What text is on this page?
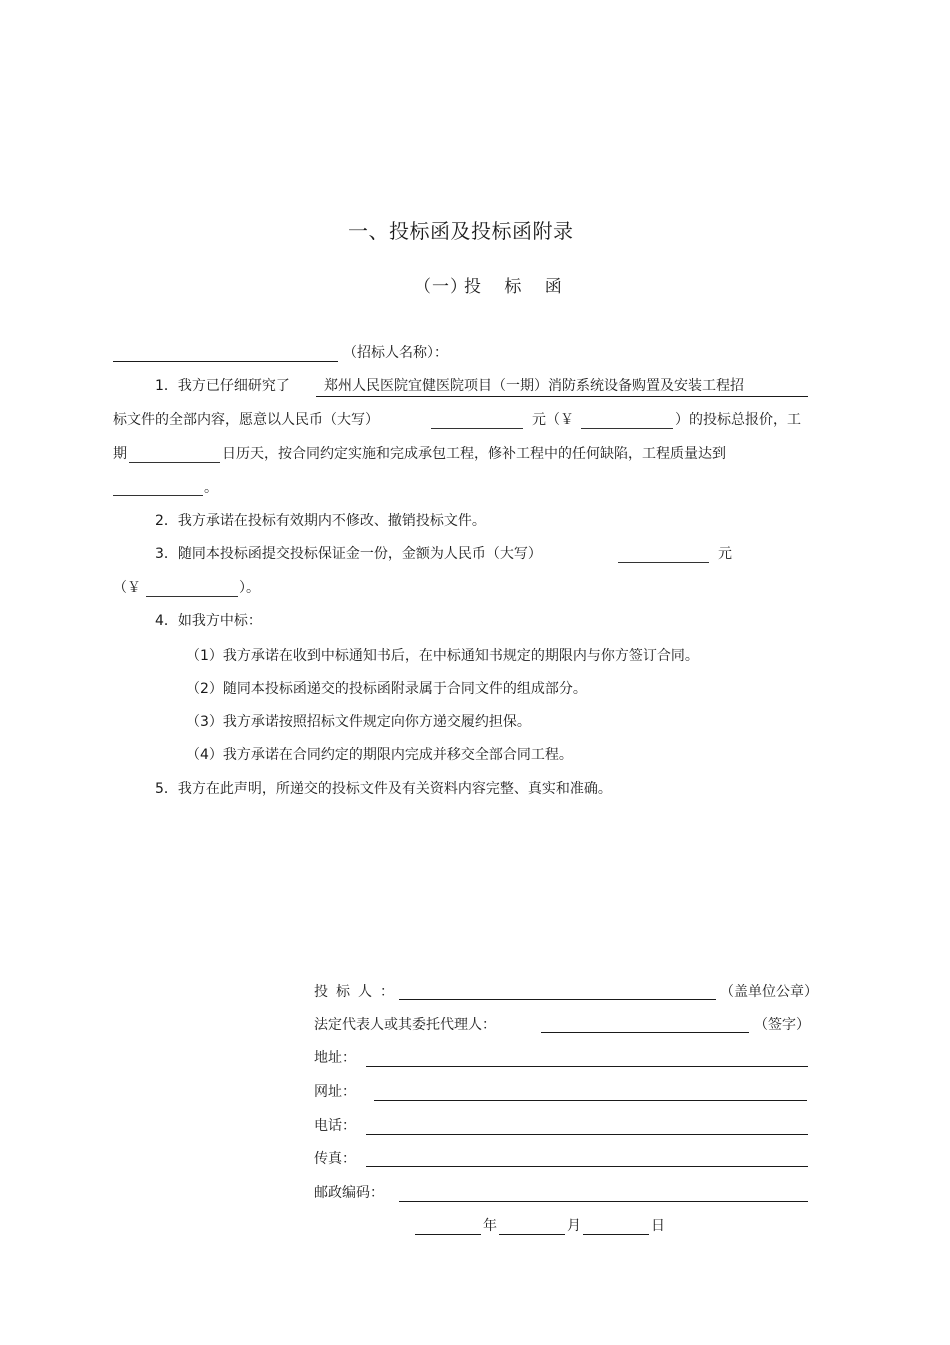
一、投标函及投标函附录
（一）
投 标 函
（招标人名称）：
1．我方已仔细研究了 郑州人民医院宜健医院项目（一期）消防系统设备购置及安装工程招
标文件的全部内容，愿意以人民币（大写）	元（￥	）的投标总报价，工
期	日历天，按合同约定实施和完成承包工程，修补工程中的任何缺陷，工程质量达到
。
2．我方承诺在投标有效期内不修改、撤销投标文件。
3．随同本投标函提交投标保证金一份，金额为人民币（大写）	元
（￥	）。
4．如我方中标：
（1）我方承诺在收到中标通知书后，在中标通知书规定的期限内与你方签订合同。
（2）随同本投标函递交的投标函附录属于合同文件的组成部分。
（3）我方承诺按照招标文件规定向你方递交履约担保。
（4）我方承诺在合同约定的期限内完成并移交全部合同工程。
5．我方在此声明，所递交的投标文件及有关资料内容完整、真实和准确。
投标人：	（盖单位公章）
法定代表人或其委托代理人：	（签字）
地址：
网址：
电话：
传真：
邮政编码：
年	月	日
